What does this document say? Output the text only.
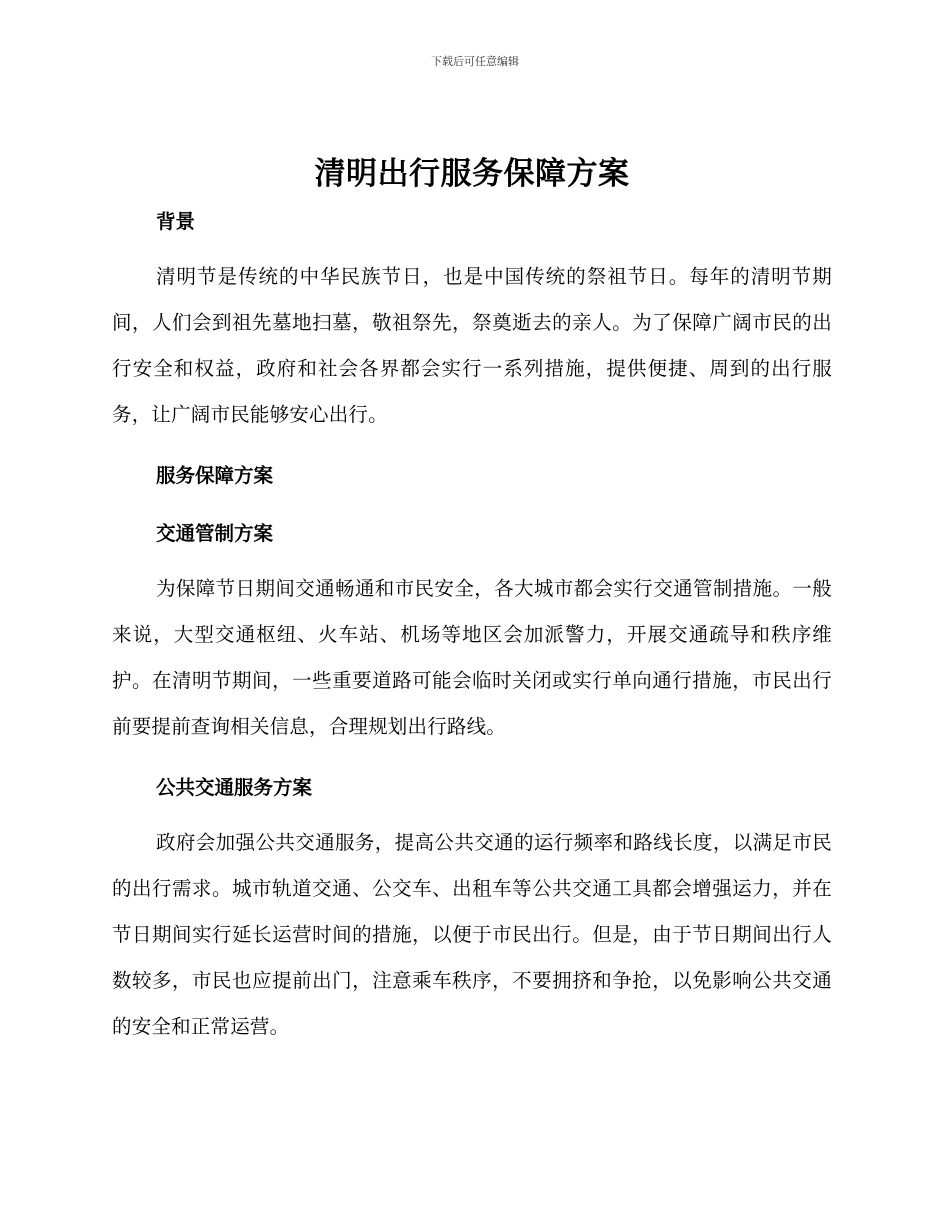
下载后可任意编辑
清明出行服务保障方案
背景

清明节是传统的中华民族节日，也是中国传统的祭祖节日。每年的清明节期间，人们会到祖先墓地扫墓，敬祖祭先，祭奠逝去的亲人。为了保障广阔市民的出行安全和权益，政府和社会各界都会实行一系列措施，提供便捷、周到的出行服务，让广阔市民能够安心出行。

服务保障方案
交通管制方案

为保障节日期间交通畅通和市民安全，各大城市都会实行交通管制措施。一般来说，大型交通枢纽、火车站、机场等地区会加派警力，开展交通疏导和秩序维护。在清明节期间，一些重要道路可能会临时关闭或实行单向通行措施，市民出行前要提前查询相关信息，合理规划出行路线。

公共交通服务方案

政府会加强公共交通服务，提高公共交通的运行频率和路线长度，以满足市民的出行需求。城市轨道交通、公交车、出租车等公共交通工具都会增强运力，并在节日期间实行延长运营时间的措施，以便于市民出行。但是，由于节日期间出行人数较多，市民也应提前出门，注意乘车秩序，不要拥挤和争抢，以免影响公共交通的安全和正常运营。
